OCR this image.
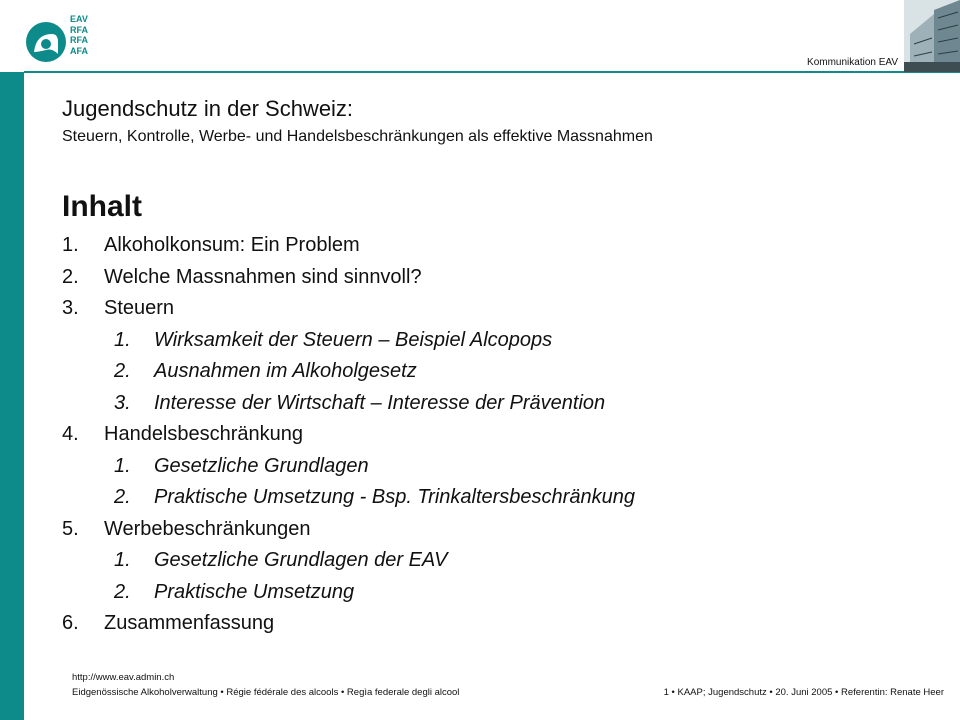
EAV
RFA
RFA
AFA
Kommunikation EAV
Jugendschutz in der Schweiz:
Steuern, Kontrolle, Werbe- und Handelsbeschränkungen als effektive Massnahmen
Inhalt
1. Alkoholkonsum: Ein Problem
2. Welche Massnahmen sind sinnvoll?
3. Steuern
1. Wirksamkeit der Steuern – Beispiel Alcopops
2. Ausnahmen im Alkoholgesetz
3. Interesse der Wirtschaft – Interesse der Prävention
4. Handelsbeschränkung
1. Gesetzliche Grundlagen
2. Praktische Umsetzung - Bsp. Trinkaltersbeschränkung
5. Werbebeschränkungen
1. Gesetzliche Grundlagen der EAV
2. Praktische Umsetzung
6. Zusammenfassung
http://www.eav.admin.ch
Eidgenössische Alkoholverwaltung • Régie fédérale des alcools • Regìa federale degli alcool	1 • KAAP; Jugendschutz • 20. Juni 2005 • Referentin: Renate Heer
